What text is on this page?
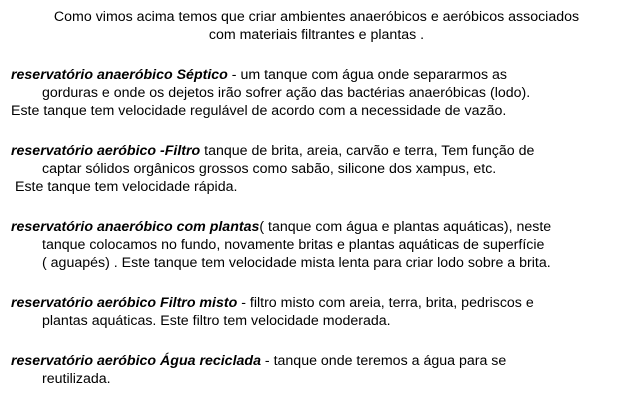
Como vimos acima temos que criar ambientes anaeróbicos e aeróbicos associados
com materiais filtrantes e plantas .
reservatório anaeróbico Séptico - um tanque com água onde separarmos as
gorduras e onde os dejetos irão sofrer ação das bactérias anaeróbicas (lodo).
Este tanque tem velocidade regulável de acordo com a necessidade de vazão.
reservatório aeróbico -Filtro tanque de brita, areia, carvão e terra, Tem função de
captar sólidos orgânicos grossos como sabão, silicone dos xampus, etc.
Este tanque tem velocidade rápida.
reservatório anaeróbico com plantas( tanque com água e plantas aquáticas), neste
tanque colocamos no fundo, novamente britas e plantas aquáticas de superfície
( aguapés) . Este tanque tem velocidade mista lenta para criar lodo sobre a brita.
reservatório aeróbico Filtro misto - filtro misto com areia, terra, brita, pedriscos e
plantas aquáticas. Este filtro tem velocidade moderada.
reservatório aeróbico Água reciclada - tanque onde teremos a água para se
reutilizada.
